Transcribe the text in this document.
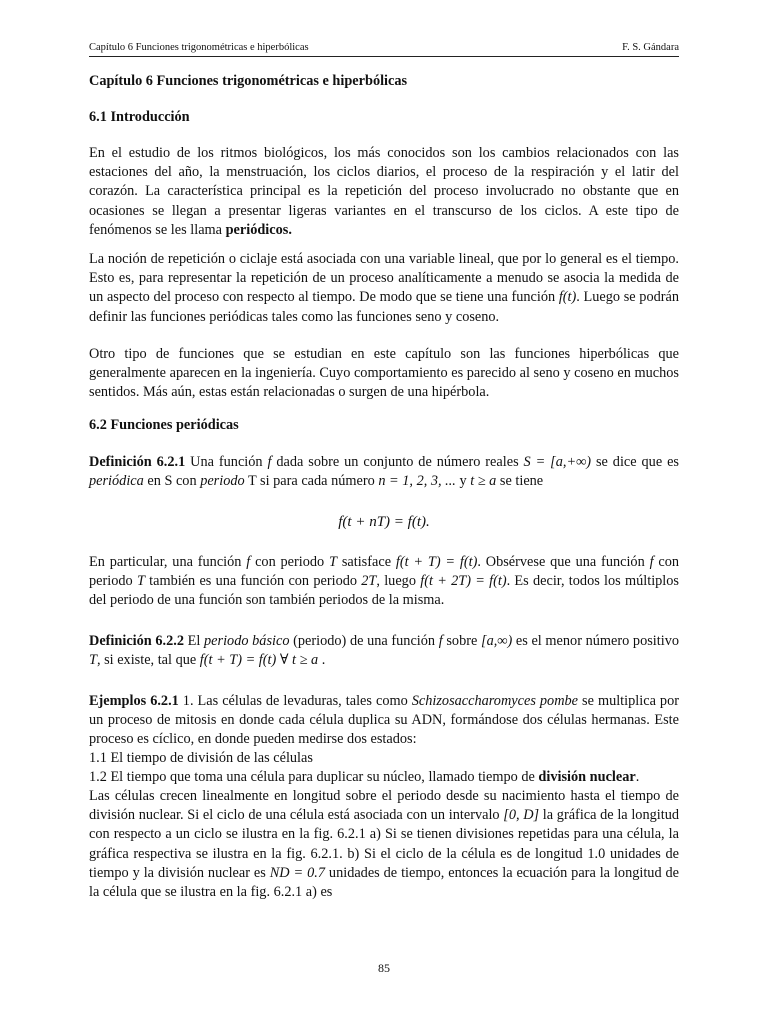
Capítulo 6 Funciones trigonométricas e hiperbólicas	F. S. Gándara
Capítulo 6 Funciones trigonométricas e hiperbólicas
6.1 Introducción
En el estudio de los ritmos biológicos, los más conocidos son los cambios relacionados con las estaciones del año, la menstruación, los ciclos diarios, el proceso de la respiración y el latir del corazón. La característica principal es la repetición del proceso involucrado no obstante que en ocasiones se llegan a presentar ligeras variantes en el transcurso de los ciclos. A este tipo de fenómenos se les llama periódicos.
La noción de repetición o ciclaje está asociada con una variable lineal, que por lo general es el tiempo. Esto es, para representar la repetición de un proceso analíticamente a menudo se asocia la medida de un aspecto del proceso con respecto al tiempo. De modo que se tiene una función f(t). Luego se podrán definir las funciones periódicas tales como las funciones seno y coseno.
Otro tipo de funciones que se estudian en este capítulo son las funciones hiperbólicas que generalmente aparecen en la ingeniería. Cuyo comportamiento es parecido al seno y coseno en muchos sentidos. Más aún, estas están relacionadas o surgen de una hipérbola.
6.2 Funciones periódicas
Definición 6.2.1 Una función f dada sobre un conjunto de número reales S = [a,+∞) se dice que es periódica en S con periodo T si para cada número n = 1, 2, 3, ... y t ≥ a se tiene
f(t + nT) = f(t).
En particular, una función f con periodo T satisface f(t + T) = f(t). Obsérvese que una función f con periodo T también es una función con periodo 2T, luego f(t + 2T) = f(t). Es decir, todos los múltiplos del periodo de una función son también periodos de la misma.
Definición 6.2.2 El periodo básico (periodo) de una función f sobre [a,∞) es el menor número positivo T, si existe, tal que f(t + T) = f(t) ∀ t ≥ a .
Ejemplos 6.2.1 1. Las células de levaduras, tales como Schizosaccharomyces pombe se multiplica por un proceso de mitosis en donde cada célula duplica su ADN, formándose dos células hermanas. Este proceso es cíclico, en donde pueden medirse dos estados:
1.1 El tiempo de división de las células
1.2 El tiempo que toma una célula para duplicar su núcleo, llamado tiempo de división nuclear.
Las células crecen linealmente en longitud sobre el periodo desde su nacimiento hasta el tiempo de división nuclear. Si el ciclo de una célula está asociada con un intervalo [0, D] la gráfica de la longitud con respecto a un ciclo se ilustra en la fig. 6.2.1 a) Si se tienen divisiones repetidas para una célula, la gráfica respectiva se ilustra en la fig. 6.2.1. b) Si el ciclo de la célula es de longitud 1.0 unidades de tiempo y la división nuclear es ND = 0.7 unidades de tiempo, entonces la ecuación para la longitud de la célula que se ilustra en la fig. 6.2.1 a) es
85
